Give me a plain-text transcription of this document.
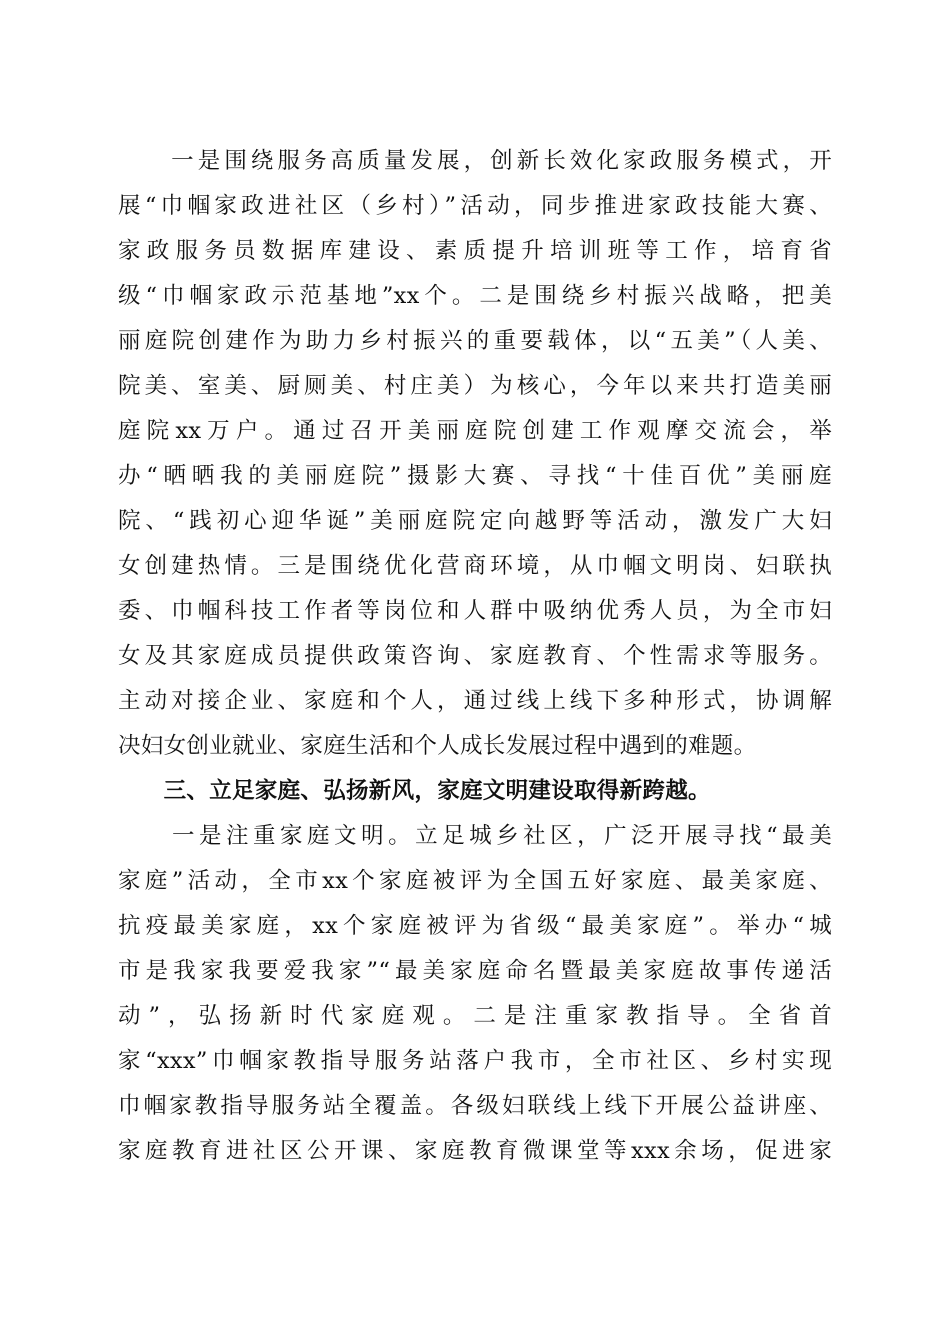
　　一是围绕服务高质量发展，创新长效化家政服务模式，开
展“巾帼家政进社区（乡村）”活动，同步推进家政技能大赛、
家政服务员数据库建设、素质提升培训班等工作，培育省
级“巾帼家政示范基地”xx个。二是围绕乡村振兴战略，把美
丽庭院创建作为助力乡村振兴的重要载体，以“五美”（人美、
院美、室美、厨厕美、村庄美）为核心，今年以来共打造美丽
庭院xx万户。通过召开美丽庭院创建工作观摩交流会，举
办“晒晒我的美丽庭院”摄影大赛、寻找“十佳百优”美丽庭
院、“践初心迎华诞”美丽庭院定向越野等活动，激发广大妇
女创建热情。三是围绕优化营商环境，从巾帼文明岗、妇联执
委、巾帼科技工作者等岗位和人群中吸纳优秀人员，为全市妇
女及其家庭成员提供政策咨询、家庭教育、个性需求等服务。
主动对接企业、家庭和个人，通过线上线下多种形式，协调解
决妇女创业就业、家庭生活和个人成长发展过程中遇到的难题。
　　三、立足家庭、弘扬新风，家庭文明建设取得新跨越。
　　一是注重家庭文明。立足城乡社区，广泛开展寻找“最美
家庭”活动，全市xx个家庭被评为全国五好家庭、最美家庭、
抗疫最美家庭，xx个家庭被评为省级“最美家庭”。举办“城
市是我家我要爱我家”“最美家庭命名暨最美家庭故事传递活
动”，弘扬新时代家庭观。二是注重家教指导。全省首
家“xxx”巾帼家教指导服务站落户我市，全市社区、乡村实现
巾帼家教指导服务站全覆盖。各级妇联线上线下开展公益讲座、
家庭教育进社区公开课、家庭教育微课堂等xxx余场，促进家
